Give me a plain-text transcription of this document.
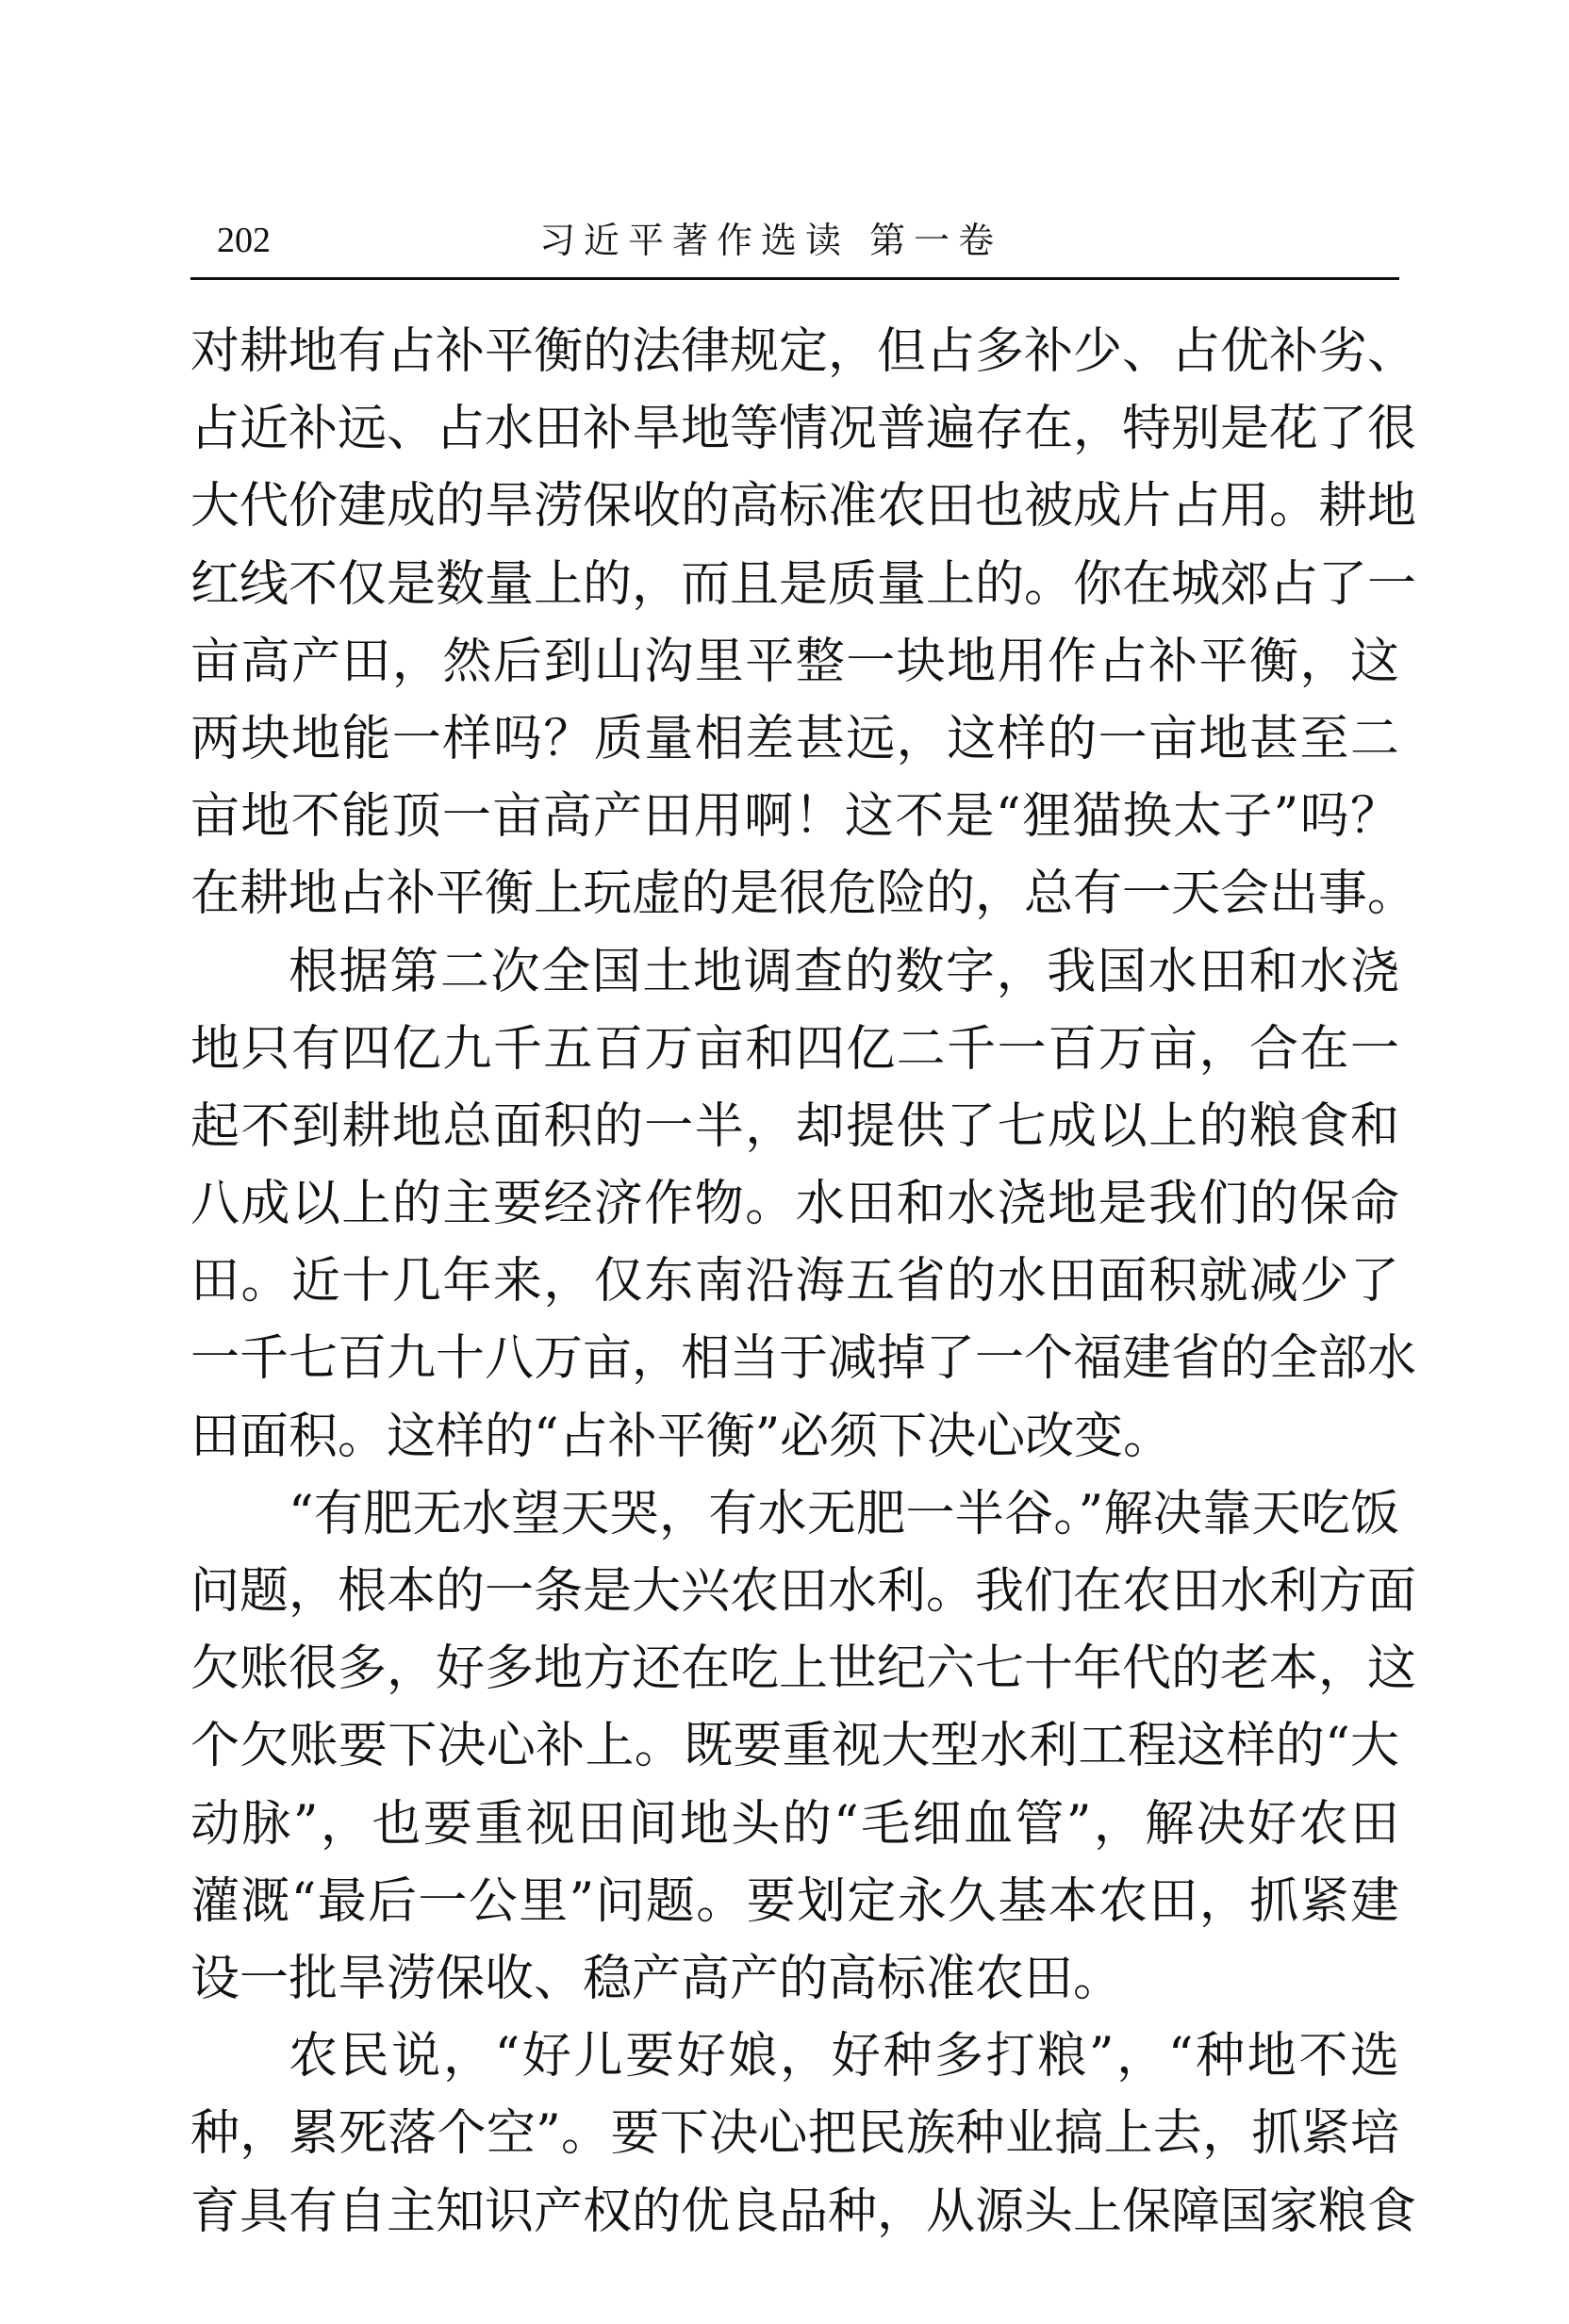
202	习近平著作选读 第一卷
对耕地有占补平衡的法律规定，但占多补少、占优补劣、
占近补远、占水田补旱地等情况普遍存在，特别是花了很
大代价建成的旱涝保收的高标准农田也被成片占用。耕地
红线不仅是数量上的，而且是质量上的。你在城郊占了一
亩高产田，然后到山沟里平整一块地用作占补平衡，这
两块地能一样吗？质量相差甚远，这样的一亩地甚至二
亩地不能顶一亩高产田用啊！这不是“狸猫换太子”吗？
在耕地占补平衡上玩虚的是很危险的，总有一天会出事。
根据第二次全国土地调查的数字，我国水田和水浇
地只有四亿九千五百万亩和四亿二千一百万亩，合在一
起不到耕地总面积的一半，却提供了七成以上的粮食和
八成以上的主要经济作物。水田和水浇地是我们的保命
田。近十几年来，仅东南沿海五省的水田面积就减少了
一千七百九十八万亩，相当于减掉了一个福建省的全部水
田面积。这样的“占补平衡”必须下决心改变。
“有肥无水望天哭，有水无肥一半谷。”解决靠天吃饭
问题，根本的一条是大兴农田水利。我们在农田水利方面
欠账很多，好多地方还在吃上世纪六七十年代的老本，这
个欠账要下决心补上。既要重视大型水利工程这样的“大
动脉”，也要重视田间地头的“毛细血管”，解决好农田
灌溉“最后一公里”问题。要划定永久基本农田，抓紧建
设一批旱涝保收、稳产高产的高标准农田。
农民说，“好儿要好娘，好种多打粮”，“种地不选
种，累死落个空”。要下决心把民族种业搞上去，抓紧培
育具有自主知识产权的优良品种，从源头上保障国家粮食
